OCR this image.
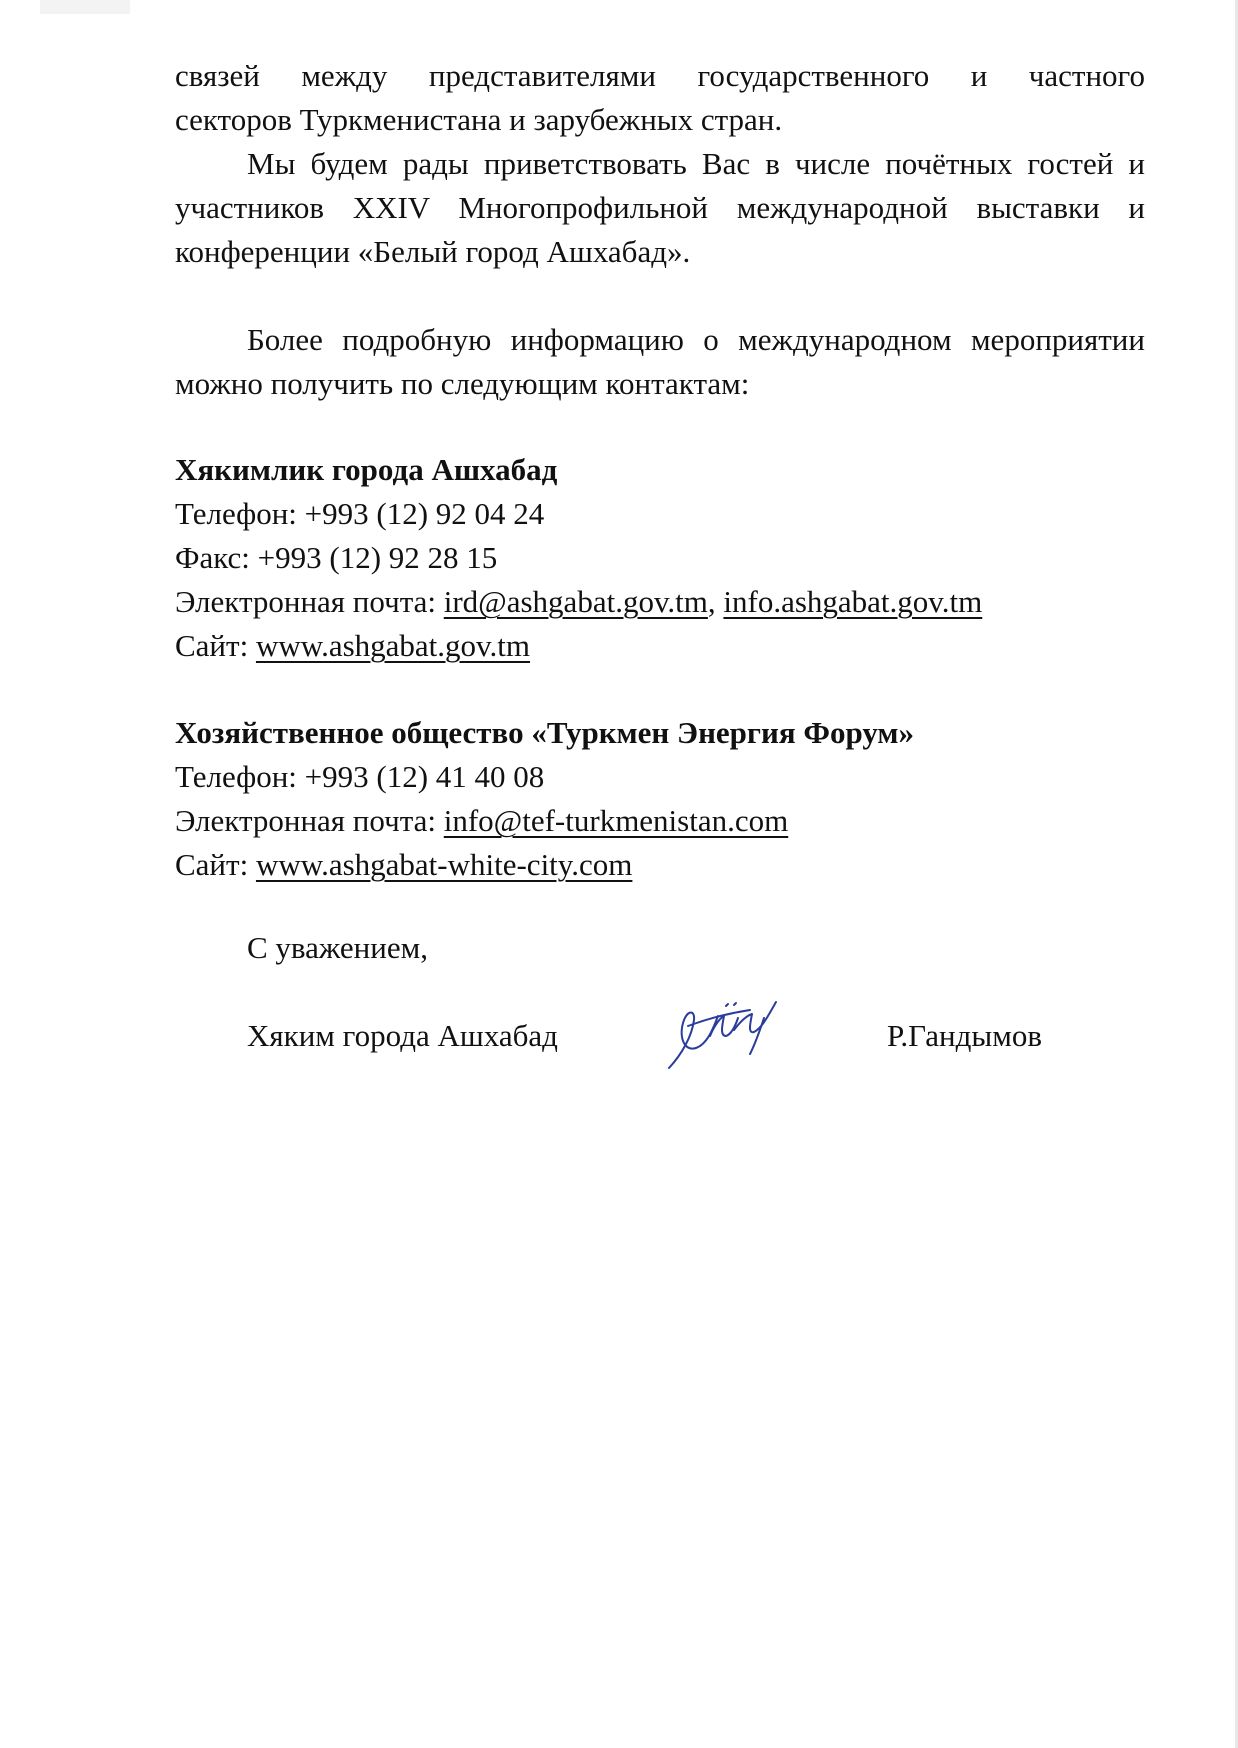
связей между представителями государственного и частного

секторов Туркменистана и зарубежных стран.

Мы будем рады приветствовать Вас в числе почётных гостей и участников XXIV Многопрофильной международной выставки и конференции «Белый город Ашхабад».

Более подробную информацию о международном мероприятии можно получить по следующим контактам:

Хякимлик города Ашхабад
Телефон: +993 (12) 92 04 24
Факс: +993 (12) 92 28 15
Электронная почта: ird@ashgabat.gov.tm, info.ashgabat.gov.tm
Сайт: www.ashgabat.gov.tm
Хозяйственное общество «Туркмен Энергия Форум»
Телефон: +993 (12) 41 40 08
Электронная почта: info@tef-turkmenistan.com
Сайт: www.ashgabat-white-city.com
С уважением,
Хяким города Ашхабад	Р.Гандымов
